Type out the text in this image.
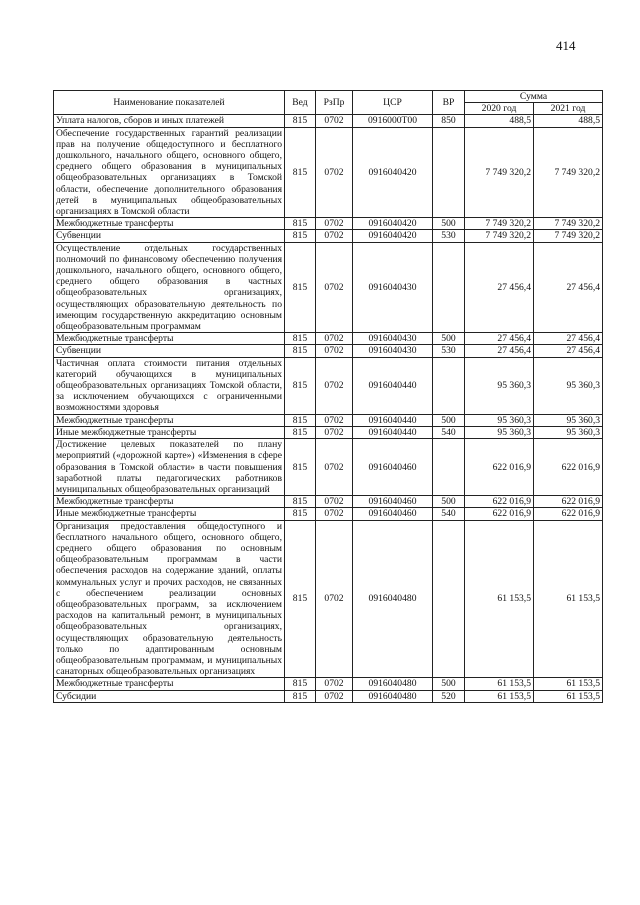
414
Наименование показателей	Вед	РзПр	ЦСР	ВР	Сумма	
					2020 год	2021 год
Уплата налогов, сборов и иных платежей	815	0702	0916000Т00	850	488,5	488,5
Обеспечение государственных гарантий реализации прав на получение общедоступного и бесплатного дошкольного, начального общего, основного общего, среднего общего образования в муниципальных общеобразовательных организациях в Томской области, обеспечение дополнительного образования детей в муниципальных общеобразовательных организациях в Томской области	815	0702	0916040420		7 749 320,2	7 749 320,2
Межбюджетные трансферты	815	0702	0916040420	500	7 749 320,2	7 749 320,2
Субвенции	815	0702	0916040420	530	7 749 320,2	7 749 320,2
Осуществление отдельных государственных полномочий по финансовому обеспечению получения дошкольного, начального общего, основного общего, среднего общего образования в частных общеобразовательных организациях, осуществляющих образовательную деятельность по имеющим государственную аккредитацию основным общеобразовательным программам	815	0702	0916040430		27 456,4	27 456,4
Межбюджетные трансферты	815	0702	0916040430	500	27 456,4	27 456,4
Субвенции	815	0702	0916040430	530	27 456,4	27 456,4
Частичная оплата стоимости питания отдельных категорий обучающихся в муниципальных общеобразовательных организациях Томской области, за исключением обучающихся с ограниченными возможностями здоровья	815	0702	0916040440		95 360,3	95 360,3
Межбюджетные трансферты	815	0702	0916040440	500	95 360,3	95 360,3
Иные межбюджетные трансферты	815	0702	0916040440	540	95 360,3	95 360,3
Достижение целевых показателей по плану мероприятий («дорожной карте») «Изменения в сфере образования в Томской области» в части повышения заработной платы педагогических работников муниципальных общеобразовательных организаций	815	0702	0916040460		622 016,9	622 016,9
Межбюджетные трансферты	815	0702	0916040460	500	622 016,9	622 016,9
Иные межбюджетные трансферты	815	0702	0916040460	540	622 016,9	622 016,9
Организация предоставления общедоступного и бесплатного начального общего, основного общего, среднего общего образования по основным общеобразовательным программам в части обеспечения расходов на содержание зданий, оплаты коммунальных услуг и прочих расходов, не связанных с обеспечением реализации основных общеобразовательных программ, за исключением расходов на капитальный ремонт, в муниципальных общеобразовательных организациях, осуществляющих образовательную деятельность только по адаптированным основным общеобразовательным программам, и муниципальных санаторных общеобразовательных организациях	815	0702	0916040480		61 153,5	61 153,5
Межбюджетные трансферты	815	0702	0916040480	500	61 153,5	61 153,5
Субсидии	815	0702	0916040480	520	61 153,5	61 153,5
